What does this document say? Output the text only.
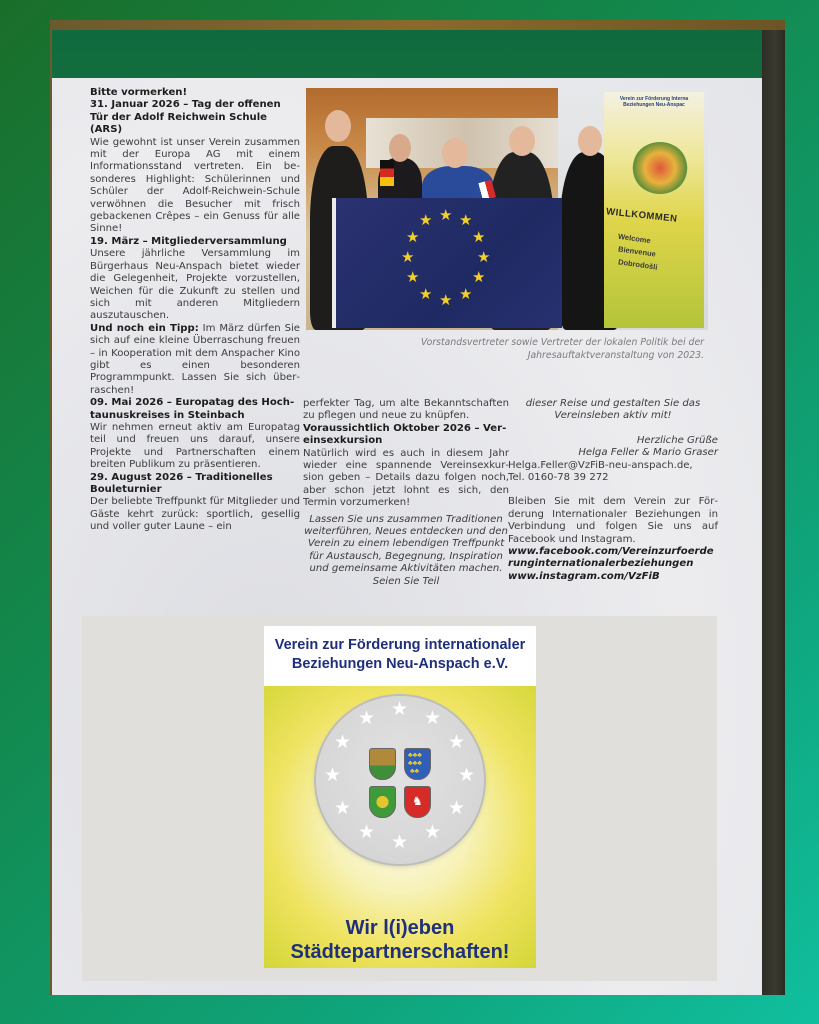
Bitte vormerken!

31. Januar 2026 – Tag der offenen Tür der Adolf Reichwein Schule (ARS)

Wie gewohnt ist unser Verein zusammen mit der Europa AG mit einem Informationsstand vertreten. Ein besonderes Highlight: Schülerinnen und Schüler der Adolf-Reichwein-Schule verwöhnen die Besucher mit frisch gebackenen Crêpes – ein Genuss für alle Sinne!

19. März – Mitgliederversammlung

Unsere jährliche Versammlung im Bürgerhaus Neu-Anspach bietet wieder die Gelegenheit, Projekte vorzustellen, Weichen für die Zukunft zu stellen und sich mit anderen Mitgliedern auszutauschen.

Und noch ein Tipp: Im März dürfen Sie sich auf eine kleine Überraschung freuen – in Kooperation mit dem Anspacher Kino gibt es einen besonderen Programmpunkt. Lassen Sie sich überraschen!

09. Mai 2026 – Europatag des Hochtaunuskreises in Steinbach

Wir nehmen erneut aktiv am Europatag teil und freuen uns darauf, unsere Projekte und Partnerschaften einem breiten Publikum zu präsentieren.

29. August 2026 – Traditionelles Bouleturnier

Der beliebte Treffpunkt für Mitglieder und Gäste kehrt zurück: sportlich, gesellig und voller guter Laune – ein

★ ★
★
★
★
★
★
★
★
★
★
★
Verein zur Förderung Interna Beziehungen Neu-Anspac
WILLKOMMEN
Welcome
Bienvenue
Dobrodošli
Vorstandsvertreter sowie Vertreter der lokalen Politik bei der Jahresauftaktveranstaltung von 2023.

perfekter Tag, um alte Bekanntschaften zu pflegen und neue zu knüpfen.

Voraussichtlich Oktober 2026 – Vereinsexkursion

Natürlich wird es auch in diesem Jahr wieder eine spannende Vereinsexkursion geben – Details dazu folgen noch, aber schon jetzt lohnt es sich, den Termin vorzumerken!

Lassen Sie uns zusammen Traditionen weiterführen, Neues entdecken und den Verein zu einem lebendigen Treffpunkt für Austausch, Begegnung, Inspiration und gemeinsame Aktivitäten machen. Seien Sie Teil

dieser Reise und gestalten Sie das Vereinsleben aktiv mit!

Herzliche Grüße

Helga Feller & Mario Graser

Helga.Feller@VzFiB-neu-anspach.de,

Tel. 0160-78 39 272

Bleiben Sie mit dem Verein zur Förderung Internationaler Beziehungen in Verbindung und folgen Sie uns auf Facebook und Instagram.

www.facebook.com/Vereinzurfoerderunginternationalerbeziehungen

www.instagram.com/VzFiB

Verein zur Förderung internationaler Beziehungen Neu-Anspach e.V.
★ ★
★
★
★
★
★
★
★
★
★
★
♣♣♣
♣♣♣
♣♣
♞
Wir l(i)eben
Städtepartnerschaften!
